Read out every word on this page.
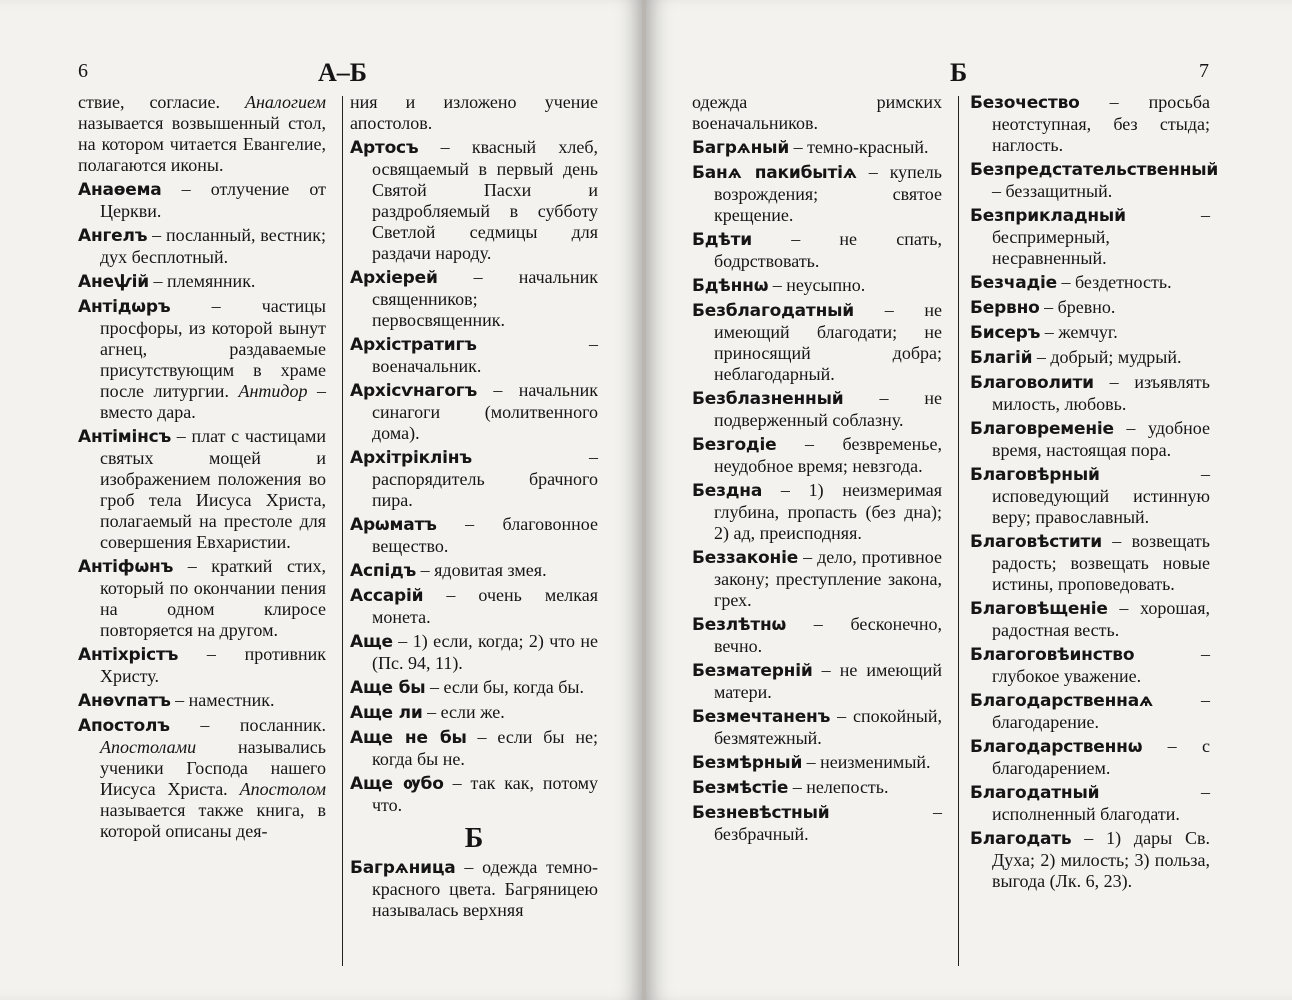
6	А–Б

ствие, согласие. Аналогием называется возвышенный стол, на котором читается Евангелие, полагаются иконы.

Анаѳема – отлучение от Церкви.

Ангелъ – посланный, вестник; дух бесплотный.

Анеѱій – племянник.

Антідѡръ – частицы просфоры, из которой вынут агнец, раздаваемые присутствующим в храме после литургии. Антидор – вместо дара.

Антімінсъ – плат с частицами святых мощей и изображением положения во гроб тела Иисуса Христа, полагаемый на престоле для совершения Евхаристии.

Антіфѡнъ – краткий стих, который по окончании пения на одном клиросе повторяется на другом.

Антіхрістъ – противник Христу.

Анѳѵпатъ – наместник.

Апостолъ – посланник. Апостолами назывались ученики Господа нашего Иисуса Христа. Апостолом называется также книга, в которой описаны дея-

ния и изложено учение апостолов.

Артосъ – квасный хлеб, освящаемый в первый день Святой Пасхи и раздробляемый в субботу Светлой седмицы для раздачи народу.

Архіерей – начальник священников; первосвященник.

Архістратигъ – военачальник.

Архісѵнагогъ – начальник синагоги (молитвенного дома).

Архітріклінъ – распорядитель брачного пира.

Арѡматъ – благовонное вещество.

Аспідъ – ядовитая змея.

Ассарій – очень мелкая монета.

Аще – 1) если, когда; 2) что не (Пс. 94, 11).

Аще бы – если бы, когда бы.

Аще ли – если же.

Аще не бы – если бы не; когда бы не.

Аще ѹбо – так как, потому что.

Б

Багрѧница – одежда темно-красного цвета. Багряницею называлась верхняя

Б	7

одежда римских военачальников.

Багрѧный – темно-красный.

Банѧ пакибытіѧ – купель возрождения; святое крещение.

Бдѣти – не спать, бодрствовать.

Бдѣннѡ – неусыпно.

Безблагодатный – не имеющий благодати; не приносящий добра; неблагодарный.

Безблазненный – не подверженный соблазну.

Безгодіе – безвременье, неудобное время; невзгода.

Бездна – 1) неизмеримая глубина, пропасть (без дна); 2) ад, преисподняя.

Беззаконіе – дело, противное закону; преступление закона, грех.

Безлѣтнѡ – бесконечно, вечно.

Безматерній – не имеющий матери.

Безмечтаненъ – спокойный, безмятежный.

Безмѣрный – неизменимый.

Безмѣстіе – нелепость.

Безневѣстный – безбрачный.

Безочество – просьба неотступная, без стыда; наглость.

Безпредстательственный – беззащитный.

Безприкладный – беспримерный, несравненный.

Безчадіе – бездетность.

Бервно – бревно.

Бисеръ – жемчуг.

Благій – добрый; мудрый.

Благоволити – изъявлять милость, любовь.

Благовременіе – удобное время, настоящая пора.

Благовѣрный – исповедующий истинную веру; православный.

Благовѣстити – возвещать радость; возвещать новые истины, проповедовать.

Благовѣщеніе – хорошая, радостная весть.

Благоговѣинство – глубокое уважение.

Благодарственнаѧ – благодарение.

Благодарственнѡ – с благодарением.

Благодатный – исполненный благодати.

Благодать – 1) дары Св. Духа; 2) милость; 3) польза, выгода (Лк. 6, 23).
